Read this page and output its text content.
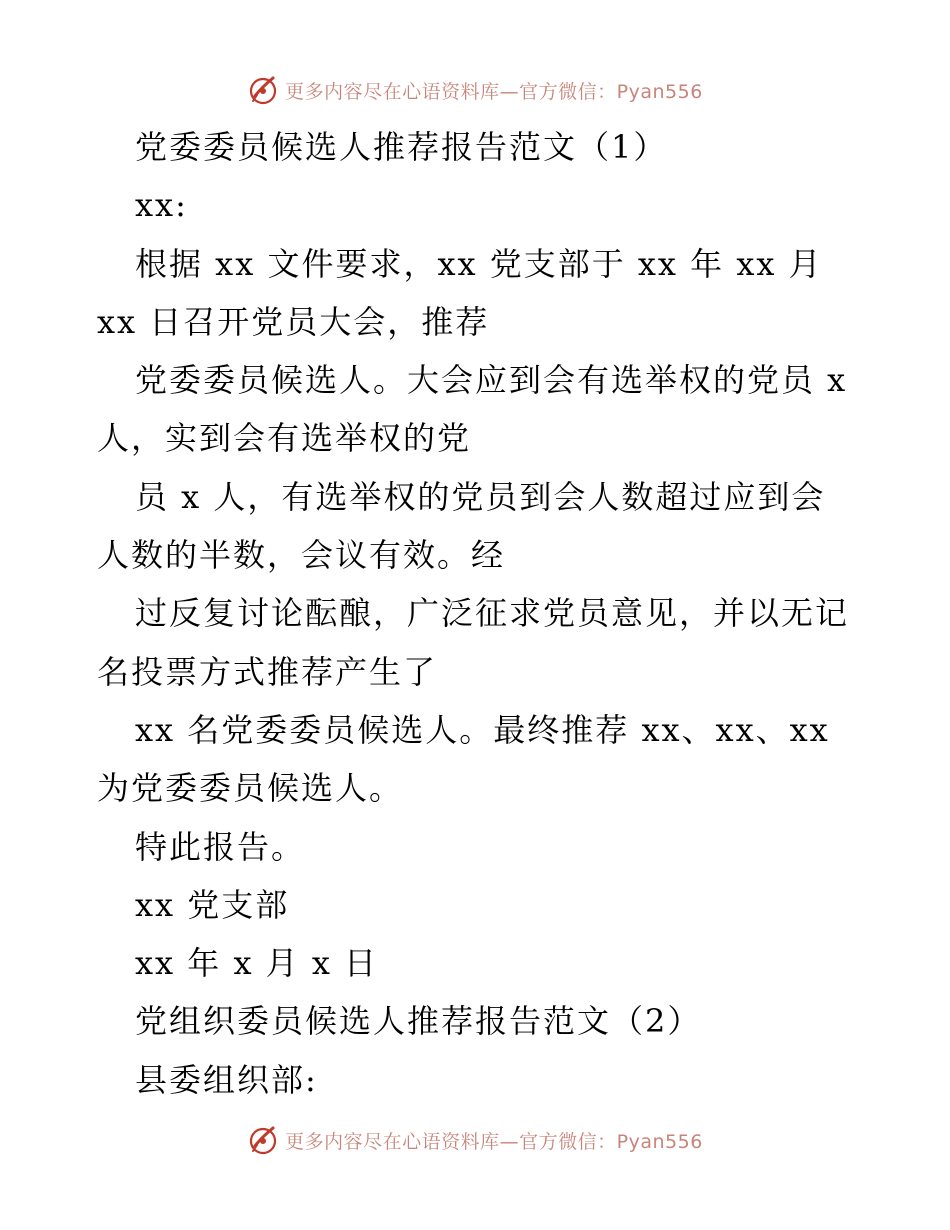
更多内容尽在心语资料库—官方微信：Pyan556
党委委员候选人推荐报告范文（1）
xx:
根据 xx 文件要求，xx 党支部于 xx 年 xx 月
xx 日召开党员大会，推荐
党委委员候选人。大会应到会有选举权的党员 x
人，实到会有选举权的党
员 x 人，有选举权的党员到会人数超过应到会
人数的半数，会议有效。经
过反复讨论酝酿，广泛征求党员意见，并以无记
名投票方式推荐产生了
xx 名党委委员候选人。最终推荐 xx、xx、xx
为党委委员候选人。
特此报告。
xx 党支部
xx 年 x 月 x 日
党组织委员候选人推荐报告范文（2）
县委组织部:
更多内容尽在心语资料库—官方微信：Pyan556
